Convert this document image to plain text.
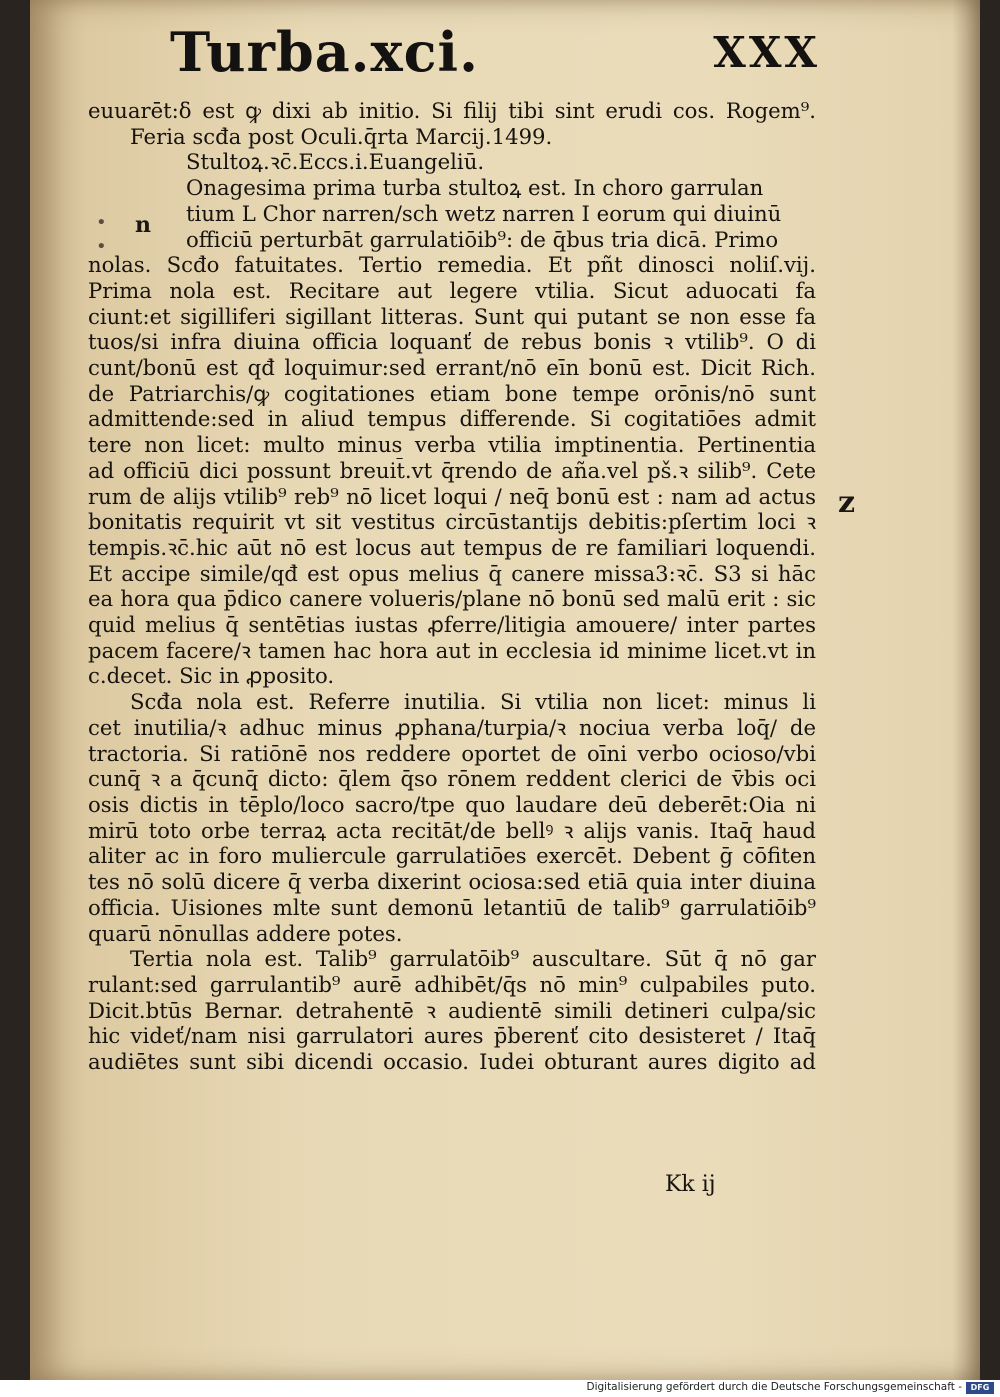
Turba.xci.	XXX
•
•
n
z
euuarēt:δ est ꝙ dixi ab initio. Si filij tibi sint erudi cos. Rogem⁹.
Feria scđa post Oculi.q̄rta Marcij.1499.
Stultoꝝ.ꝛc̄.Eccs.i.Euangeliū.
Onagesima prima turba stultoꝝ est. In choro garrulan
tium L Chor narren/sch wetz narren I eorum qui diuinū
officiū perturbāt garrulatiōib⁹: de q̄bus tria dicā. Primo
nolas. Scđo fatuitates. Tertio remedia. Et pñt dinosci noliſ.vij.
Prima nola est. Recitare aut legere vtilia. Sicut aduocati fa
ciunt:et sigilliferi sigillant litteras. Sunt qui putant se non esse fa
tuos/si infra diuina officia loquanť de rebus bonis ꝛ vtilib⁹. O di
cunt/bonū est qđ loquimur:sed errant/nō eīn bonū est. Dicit Rich.
de Patriarchis/ꝙ cogitationes etiam bone tempe orōnis/nō sunt
admittende:sed in aliud tempus differende. Si cogitatiōes admit
tere non licet: multo minus verba vtilia imptinentia. Pertinentia
ad officiū dici possunt breuit̄.vt q̄rendo de aña.vel pš.ꝛ silib⁹. Cete
rum de alijs vtilib⁹ reb⁹ nō licet loqui / neq̄ bonū est : nam ad actus
bonitatis requirit vt sit vestitus circūstantijs debitis:pſertim loci ꝛ
tempis.ꝛc̄.hic aūt nō est locus aut tempus de re familiari loquendi.
Et accipe simile/qđ est opus melius q̄ canere missa3:ꝛc̄. S3 si hāc
ea hora qua p̄dico canere volueris/plane nō bonū sed malū erit : sic
quid melius q̄ sentētias iustas ꝓferre/litigia amouere/ inter partes
pacem facere/ꝛ tamen hac hora aut in ecclesia id minime licet.vt in
c.decet. Sic in ꝓposito.
Scđa nola est. Referre inutilia. Si vtilia non licet: minus li
cet inutilia/ꝛ adhuc minus ꝓphana/turpia/ꝛ nociua verba loq̄/ de
tractoria. Si ratiōnē nos reddere oportet de oīni verbo ocioso/vbi
cunq̄ ꝛ a q̄cunq̄ dicto: q̄lem q̄so rōnem reddent clerici de v̄bis oci
osis dictis in tēplo/loco sacro/tpe quo laudare deū deberēt:Oia ni
mirū toto orbe terraꝝ acta recitāt/de bellꝰ ꝛ alijs vanis. Itaq̄ haud
aliter ac in foro muliercule garrulatiōes exercēt. Debent ḡ cōfiten
tes nō solū dicere q̄ verba dixerint ociosa:sed etiā quia inter diuina
officia. Uisiones mlte sunt demonū letantiū de talib⁹ garrulatiōib⁹
quarū nōnullas addere potes.
Tertia nola est. Talib⁹ garrulatōib⁹ auscultare. Sūt q̄ nō gar
rulant:sed garrulantib⁹ aurē adhibēt/q̄s nō min⁹ culpabiles puto.
Dicit.btūs Bernar. detrahentē ꝛ audientē simili detineri culpa/sic
hic videť/nam nisi garrulatori aures p̄berenť cito desisteret / Itaq̄
audiētes sunt sibi dicendi occasio. Iudei obturant aures digito ad
Kk ij
Digitalisierung gefördert durch die Deutsche Forschungsgemeinschaft -	DFG
